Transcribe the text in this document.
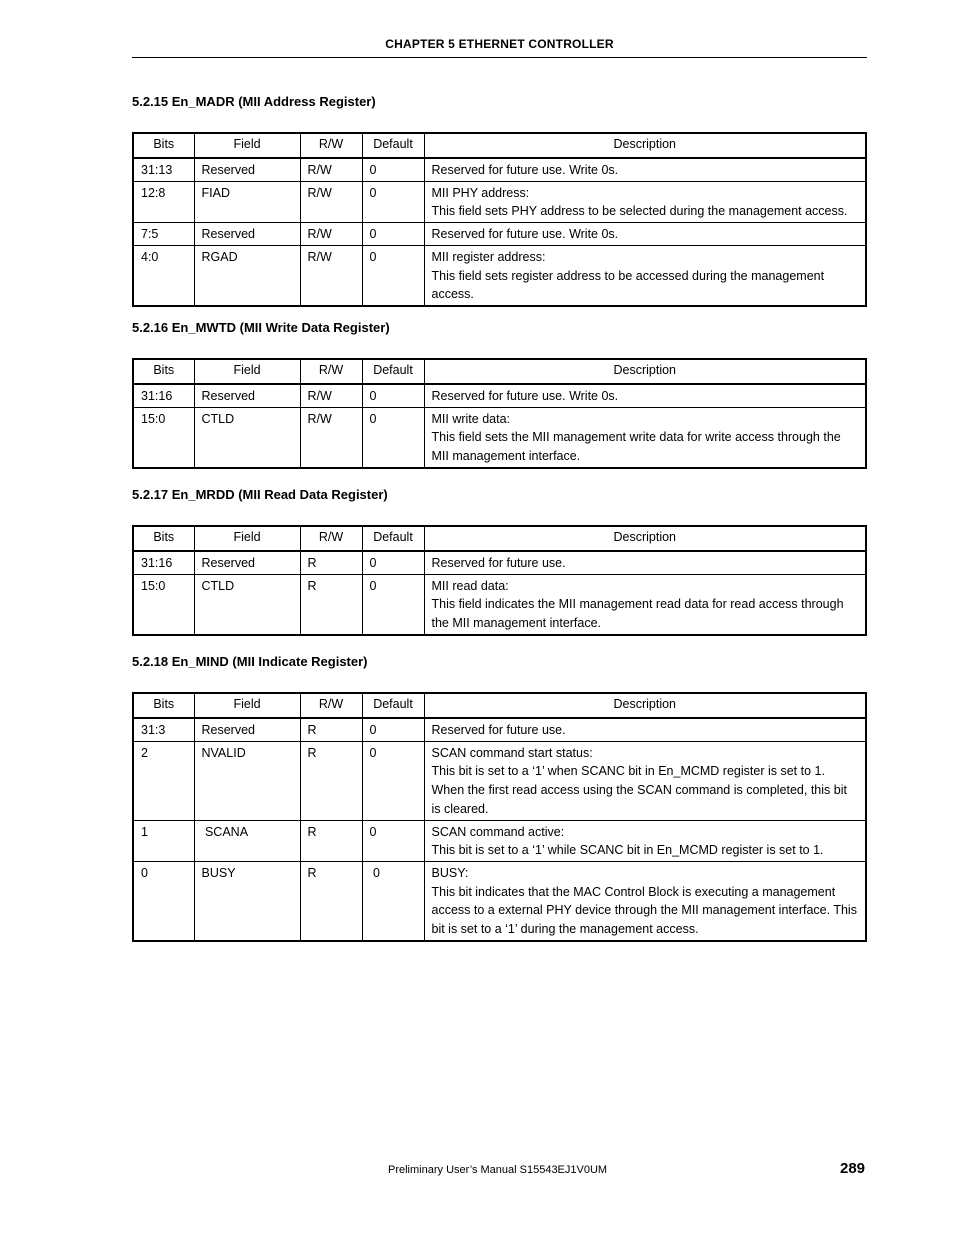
CHAPTER 5 ETHERNET CONTROLLER
5.2.15 En_MADR (MII Address Register)
Bits	Field	R/W	Default	Description
31:13	Reserved	R/W	0	Reserved for future use. Write 0s.

12:8	FIAD	R/W	0	MII PHY address:
This field sets PHY address to be selected during the management access.

7:5	Reserved	R/W	0	Reserved for future use. Write 0s.

4:0	RGAD	R/W	0	MII register address:
This field sets register address to be accessed during the management
access.
5.2.16 En_MWTD (MII Write Data Register)
Bits	Field	R/W	Default	Description
31:16	Reserved	R/W	0	Reserved for future use. Write 0s.

15:0	CTLD	R/W	0	MII write data:
This field sets the MII management write data for write access through the
MII management interface.
5.2.17 En_MRDD (MII Read Data Register)
Bits	Field	R/W	Default	Description
31:16	Reserved	R	0	Reserved for future use.

15:0	CTLD	R	0	MII read data:
This field indicates the MII management read data for read access through
the MII management interface.
5.2.18 En_MIND (MII Indicate Register)
Bits	Field	R/W	Default	Description
31:3	Reserved	R	0	Reserved for future use.

2	NVALID	R	0	SCAN command start status:
This bit is set to a ‘1’ when SCANC bit in En_MCMD register is set to 1.
When the first read access using the SCAN command is completed, this bit
is cleared.

1	SCANA	R	0	SCAN command active:
This bit is set to a ‘1’ while SCANC bit in En_MCMD register is set to 1.

0	BUSY	R	0	BUSY:
This bit indicates that the MAC Control Block is executing a management
access to a external PHY device through the MII management interface. This
bit is set to a ‘1’ during the management access.
Preliminary User’s Manual S15543EJ1V0UM	289
